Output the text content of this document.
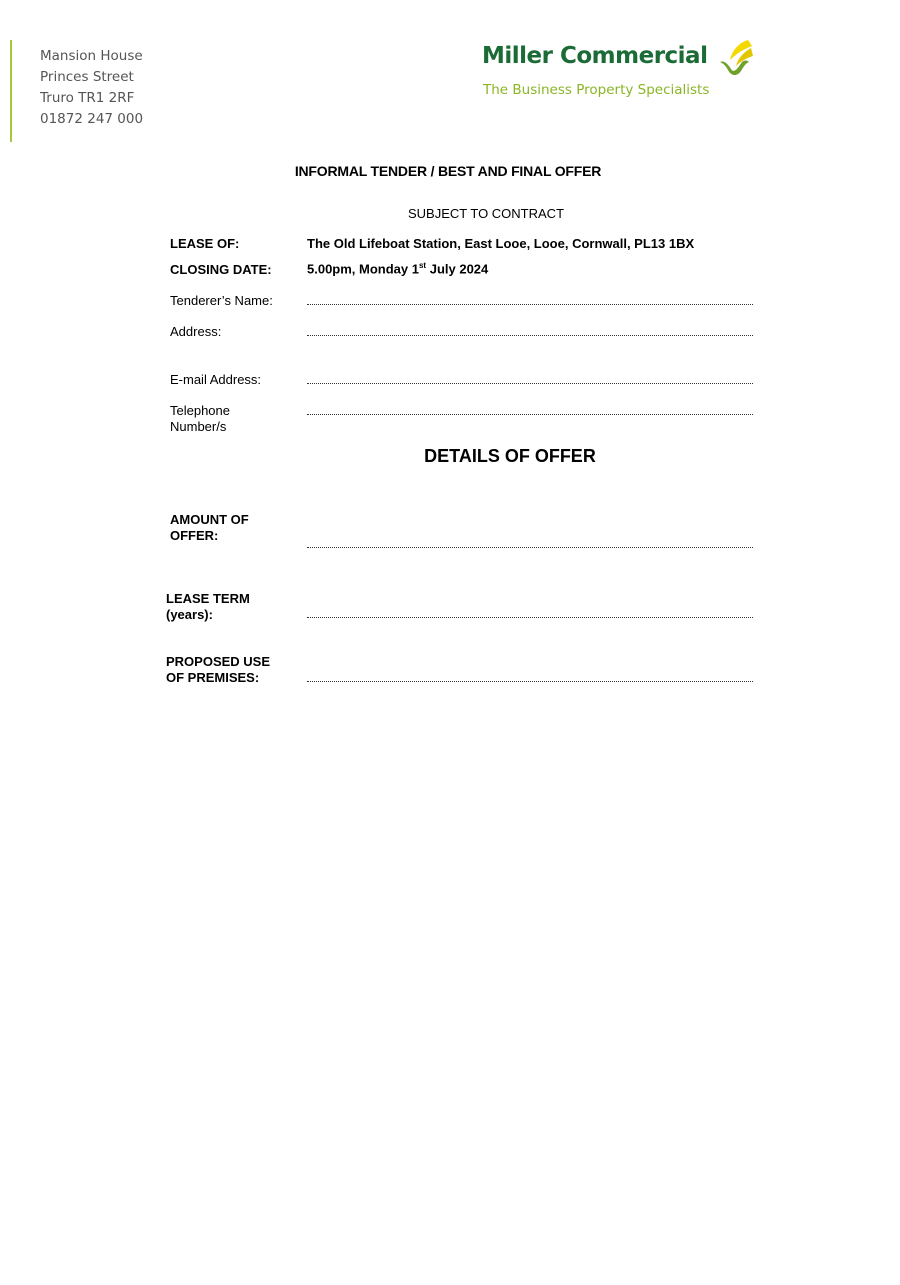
Mansion House
Princes Street
Truro TR1 2RF
01872 247 000
Miller Commercial
The Business Property Specialists
INFORMAL TENDER / BEST AND FINAL OFFER
SUBJECT TO CONTRACT
LEASE OF:	The Old Lifeboat Station, East Looe, Looe, Cornwall, PL13 1BX
CLOSING DATE:	5.00pm, Monday 1st July 2024
Tenderer’s Name:
Address:
E-mail Address:
Telephone
Number/s
DETAILS OF OFFER
AMOUNT OF
OFFER:
LEASE TERM
(years):
PROPOSED USE
OF PREMISES:
